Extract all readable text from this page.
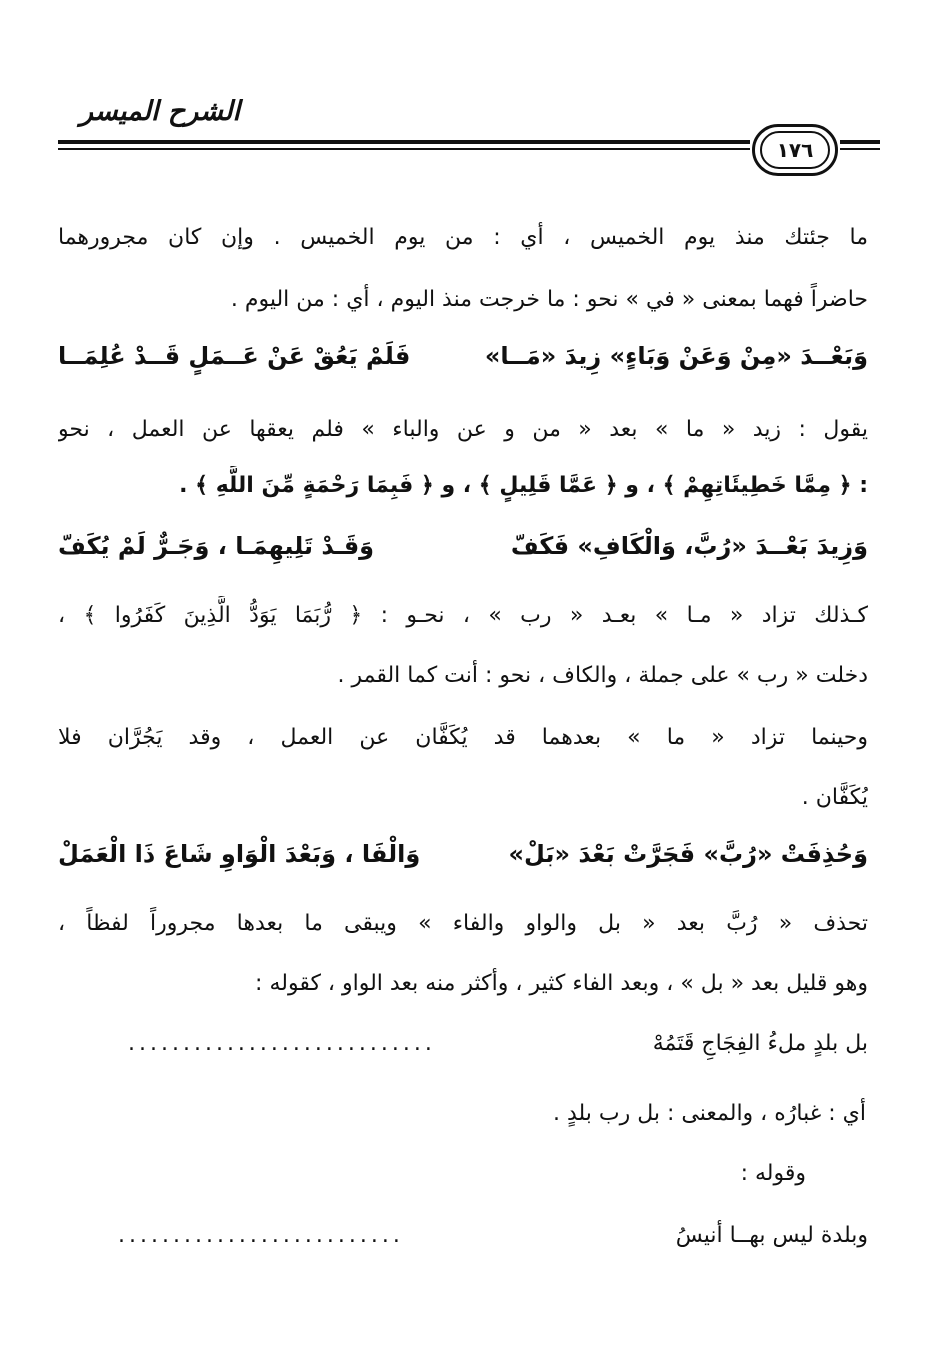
الشرح الميسر
١٧٦
ما جئتك منذ يوم الخميس ، أي : من يوم الخميس . وإن كان مجرورهما
حاضراً فهما بمعنى « في » نحو : ما خرجت منذ اليوم ، أي : من اليوم .
وَبَعْــدَ «مِنْ وَعَنْ وَبَاءٍ» زِيدَ «مَــا»
فَلَمْ يَعُقْ عَنْ عَــمَلٍ قَــدْ عُلِمَــا
يقول : زيد « ما » بعد « من و عن والباء » فلم يعقها عن العمل ، نحو
: ﴿ مِمَّا خَطِيئَاتِهِمْ ﴾ ، و ﴿ عَمَّا قَلِيلٍ ﴾ ، و ﴿ فَبِمَا رَحْمَةٍ مِّنَ اللَّهِ ﴾ .
وَزِيدَ بَعْــدَ «رُبَّ، وَالْكَافِ» فَكَفّ
وَقَـدْ تَلِيهِمَـا ، وَجَـرٌّ لَمْ يُكَفّ
كـذلك تزاد « مـا » بعـد « رب » ، نحـو : ﴿ رُّبَمَا يَوَدُّ الَّذِينَ كَفَرُوا ﴾ ،
دخلت « رب » على جملة ، والكاف ، نحو : أنت كما القمر .
وحينما تزاد « ما » بعدهما قد يُكَفَّان عن العمل ، وقد يَجُرَّان فلا
يُكَفَّان .
وَحُذِفَتْ «رُبَّ» فَجَرَّتْ بَعْدَ «بَلْ»
وَالْفَا ، وَبَعْدَ الْوَاوِ شَاعَ ذَا الْعَمَلْ
تحذف « رُبَّ بعد « بل والواو والفاء » ويبقى ما بعدها مجروراً لفظاً ،
وهو قليل بعد « بل » ، وبعد الفاء كثير ، وأكثر منه بعد الواو ، كقوله :
بل بلدٍ ملءُ الفِجَاجِ قَتَمُهْ
............................
أي : غبارُه ، والمعنى : بل رب بلدٍ .
وقوله :
وبلدة ليس بهــا أنيسُ
..........................
